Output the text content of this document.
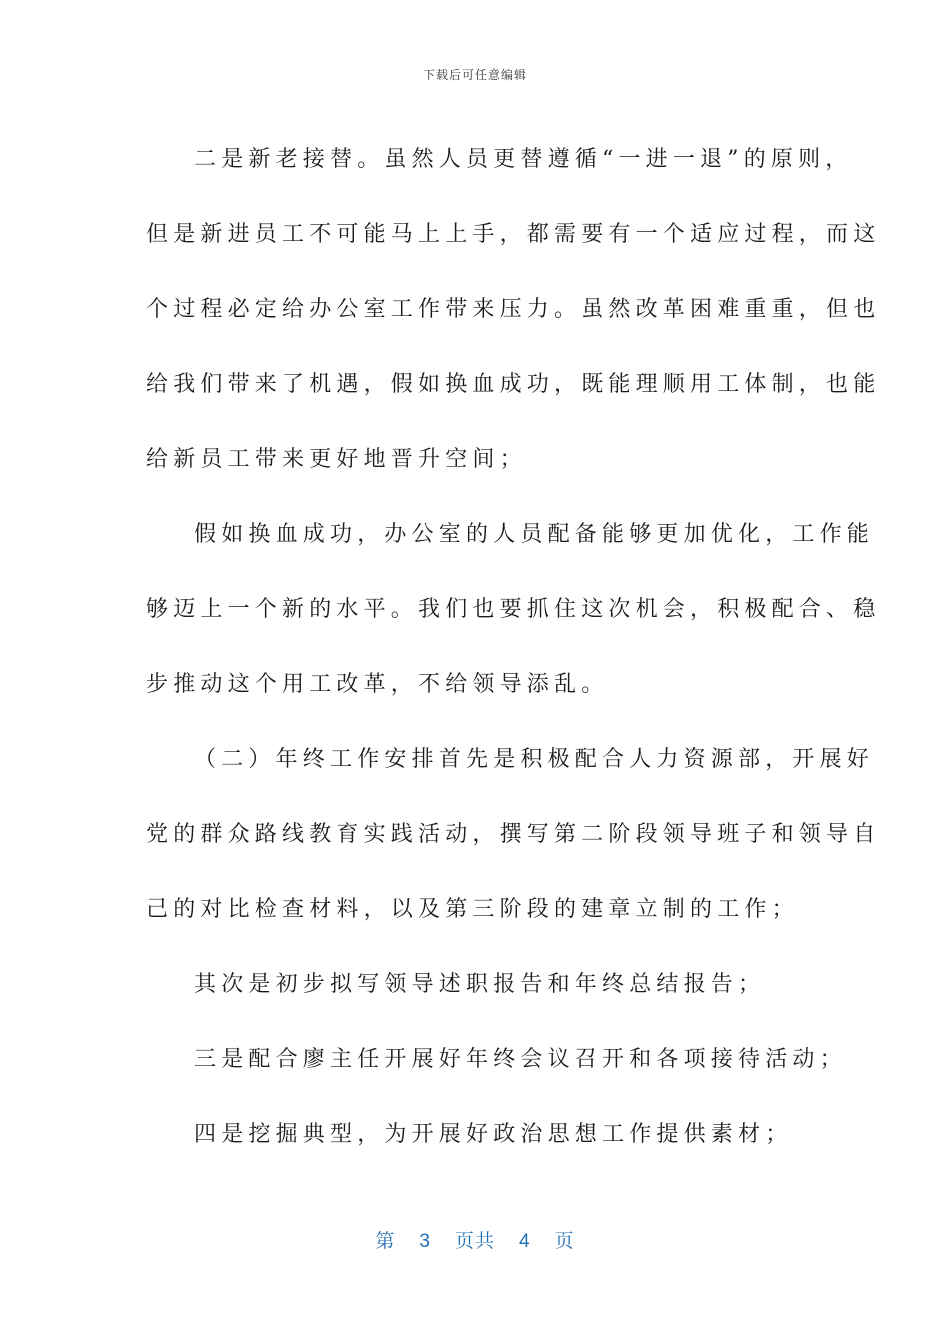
下载后可任意编辑
二是新老接替。虽然人员更替遵循“一进一退”的原则，
但是新进员工不可能马上上手，都需要有一个适应过程，而这
个过程必定给办公室工作带来压力。虽然改革困难重重，但也
给我们带来了机遇，假如换血成功，既能理顺用工体制，也能
给新员工带来更好地晋升空间；
假如换血成功，办公室的人员配备能够更加优化，工作能
够迈上一个新的水平。我们也要抓住这次机会，积极配合、稳
步推动这个用工改革，不给领导添乱。
（二）年终工作安排首先是积极配合人力资源部，开展好
党的群众路线教育实践活动，撰写第二阶段领导班子和领导自
己的对比检查材料，以及第三阶段的建章立制的工作；
其次是初步拟写领导述职报告和年终总结报告；
三是配合廖主任开展好年终会议召开和各项接待活动；
四是挖掘典型，为开展好政治思想工作提供素材；
第 3 页共 4 页
